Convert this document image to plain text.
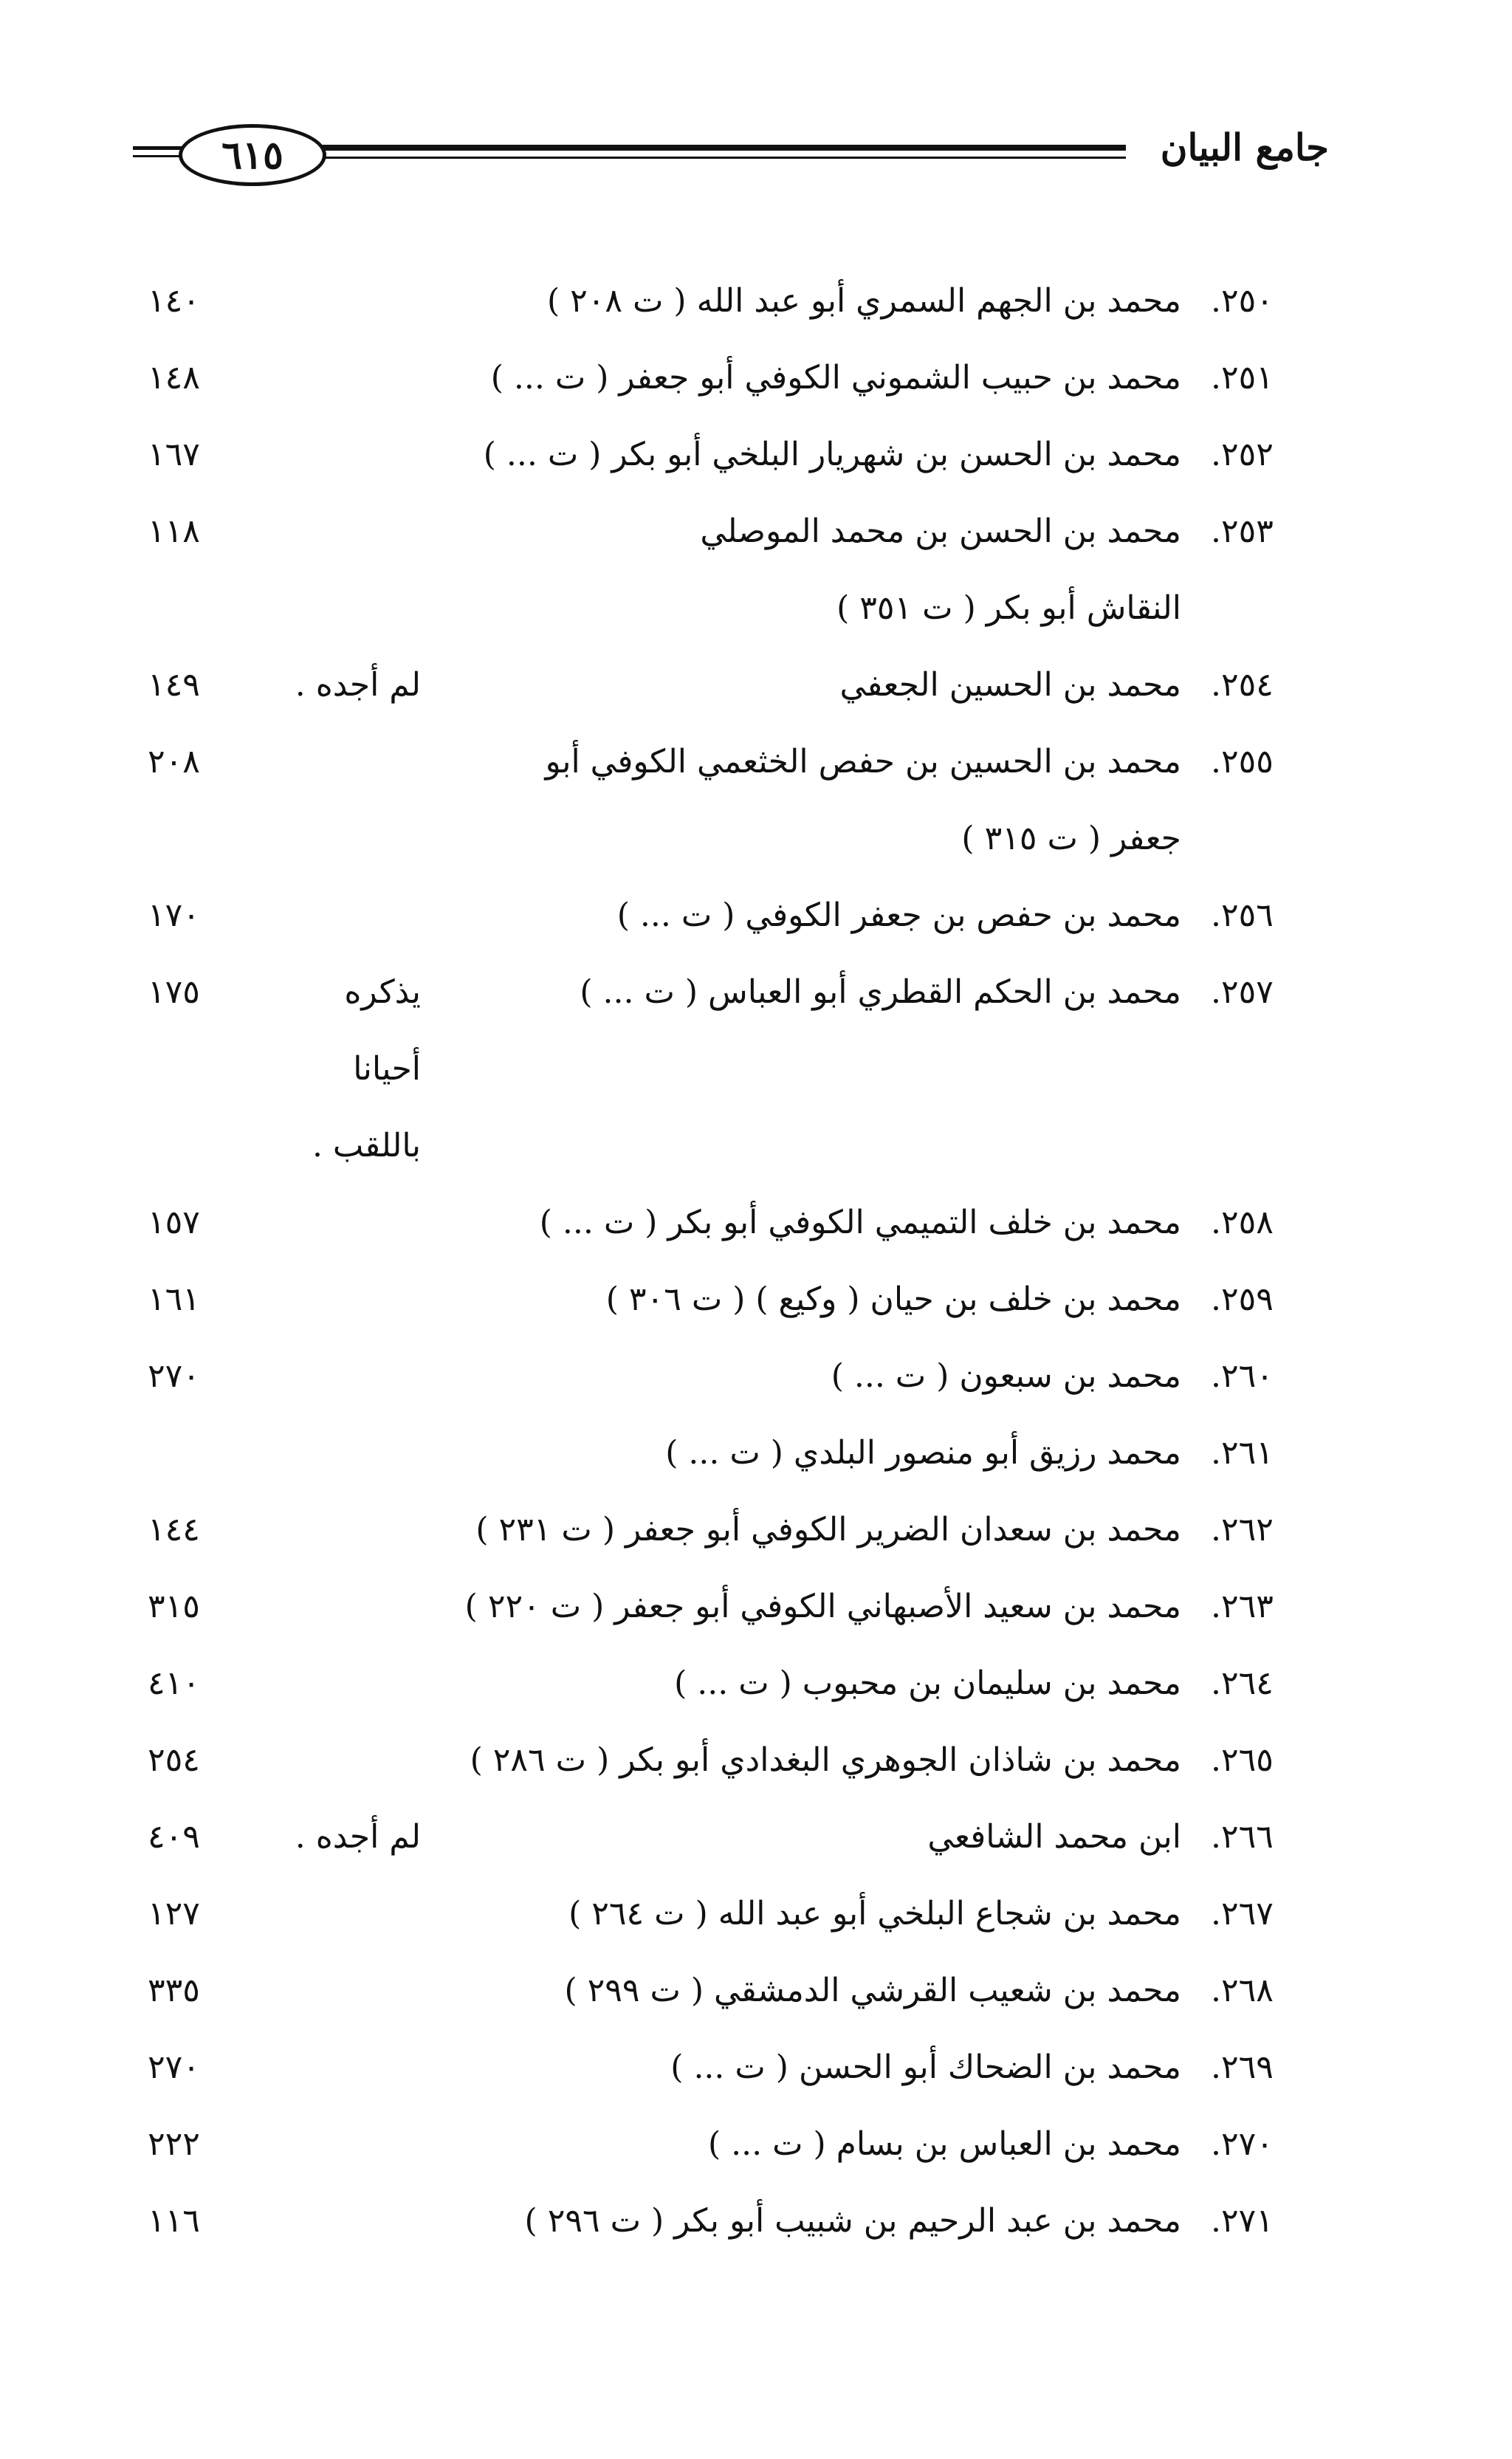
٦١٥	جامع البيان
٢٥٠.
محمد بن الجهم السمري أبو عبد الله ( ت ٢٠٨ )
١٤٠
٢٥١.
محمد بن حبيب الشموني الكوفي أبو جعفر ( ت ... )
١٤٨
٢٥٢.
محمد بن الحسن بن شهريار البلخي أبو بكر ( ت ... )
١٦٧
٢٥٣.
محمد بن الحسن بن محمد الموصلي النقاش أبو بكر ( ت ٣٥١ )
١١٨
٢٥٤.
محمد بن الحسين الجعفي
لم أجده .
١٤٩
٢٥٥.
محمد بن الحسين بن حفص الخثعمي الكوفي أبو جعفر ( ت ٣١٥ )
٢٠٨
٢٥٦.
محمد بن حفص بن جعفر الكوفي ( ت ... )
١٧٠
٢٥٧.
محمد بن الحكم القطري أبو العباس ( ت ... )
يذكره أحيانا باللقب .
١٧٥
٢٥٨.
محمد بن خلف التميمي الكوفي أبو بكر ( ت ... )
١٥٧
٢٥٩.
محمد بن خلف بن حيان ( وكيع ) ( ت ٣٠٦ )
١٦١
٢٦٠.
محمد بن سبعون ( ت ... )
٢٧٠
٢٦١.
محمد رزيق أبو منصور البلدي ( ت ... )
٢٦٢.
محمد بن سعدان الضرير الكوفي أبو جعفر ( ت ٢٣١ )
١٤٤
٢٦٣.
محمد بن سعيد الأصبهاني الكوفي أبو جعفر ( ت ٢٢٠ )
٣١٥
٢٦٤.
محمد بن سليمان بن محبوب ( ت ... )
٤١٠
٢٦٥.
محمد بن شاذان الجوهري البغدادي أبو بكر ( ت ٢٨٦ )
٢٥٤
٢٦٦.
ابن محمد الشافعي
لم أجده .
٤٠٩
٢٦٧.
محمد بن شجاع البلخي أبو عبد الله ( ت ٢٦٤ )
١٢٧
٢٦٨.
محمد بن شعيب القرشي الدمشقي ( ت ٢٩٩ )
٣٣٥
٢٦٩.
محمد بن الضحاك أبو الحسن ( ت ... )
٢٧٠
٢٧٠.
محمد بن العباس بن بسام ( ت ... )
٢٢٢
٢٧١.
محمد بن عبد الرحيم بن شبيب أبو بكر ( ت ٢٩٦ )
١١٦
